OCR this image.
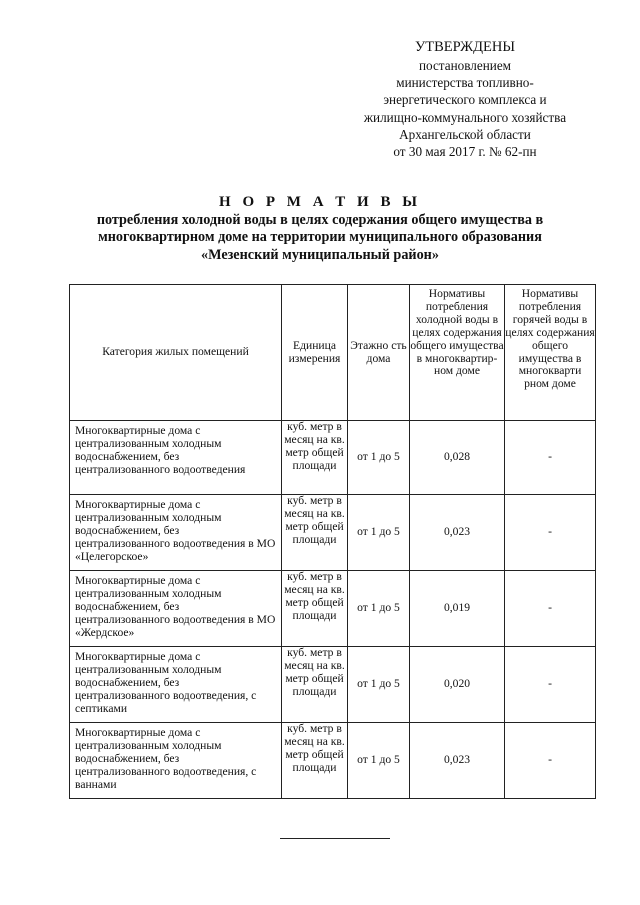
УТВЕРЖДЕНЫ
постановлением
министерства топливно-
энергетического комплекса и
жилищно-коммунального хозяйства
Архангельской области
от 30 мая 2017 г. № 62-пн
Н О Р М А Т И В Ы
потребления холодной воды в целях содержания общего имущества в
многоквартирном доме на территории муниципального образования
«Мезенский муниципальный район»
Категория жилых помещений	Единица измерения	Этажно сть дома	Нормативы потребления холодной воды в целях содержания общего имущества в многоквартир- ном доме	Нормативы потребления горячей воды в целях содержания общего имущества в многокварти рном доме
Многоквартирные дома с централизованным холодным водоснабжением, без централизованного водоотведения	куб. метр в месяц на кв. метр общей площади	от 1 до 5	0,028	-
Многоквартирные дома с централизованным холодным водоснабжением, без централизованного водоотведения в МО «Целегорское»	куб. метр в месяц на кв. метр общей площади	от 1 до 5	0,023	-
Многоквартирные дома с централизованным холодным водоснабжением, без централизованного водоотведения в МО «Жердское»	куб. метр в месяц на кв. метр общей площади	от 1 до 5	0,019	-
Многоквартирные дома с централизованным холодным водоснабжением, без централизованного водоотведения, с септиками	куб. метр в месяц на кв. метр общей площади	от 1 до 5	0,020	-
Многоквартирные дома с централизованным холодным водоснабжением, без централизованного водоотведения, с ваннами	куб. метр в месяц на кв. метр общей площади	от 1 до 5	0,023	-
